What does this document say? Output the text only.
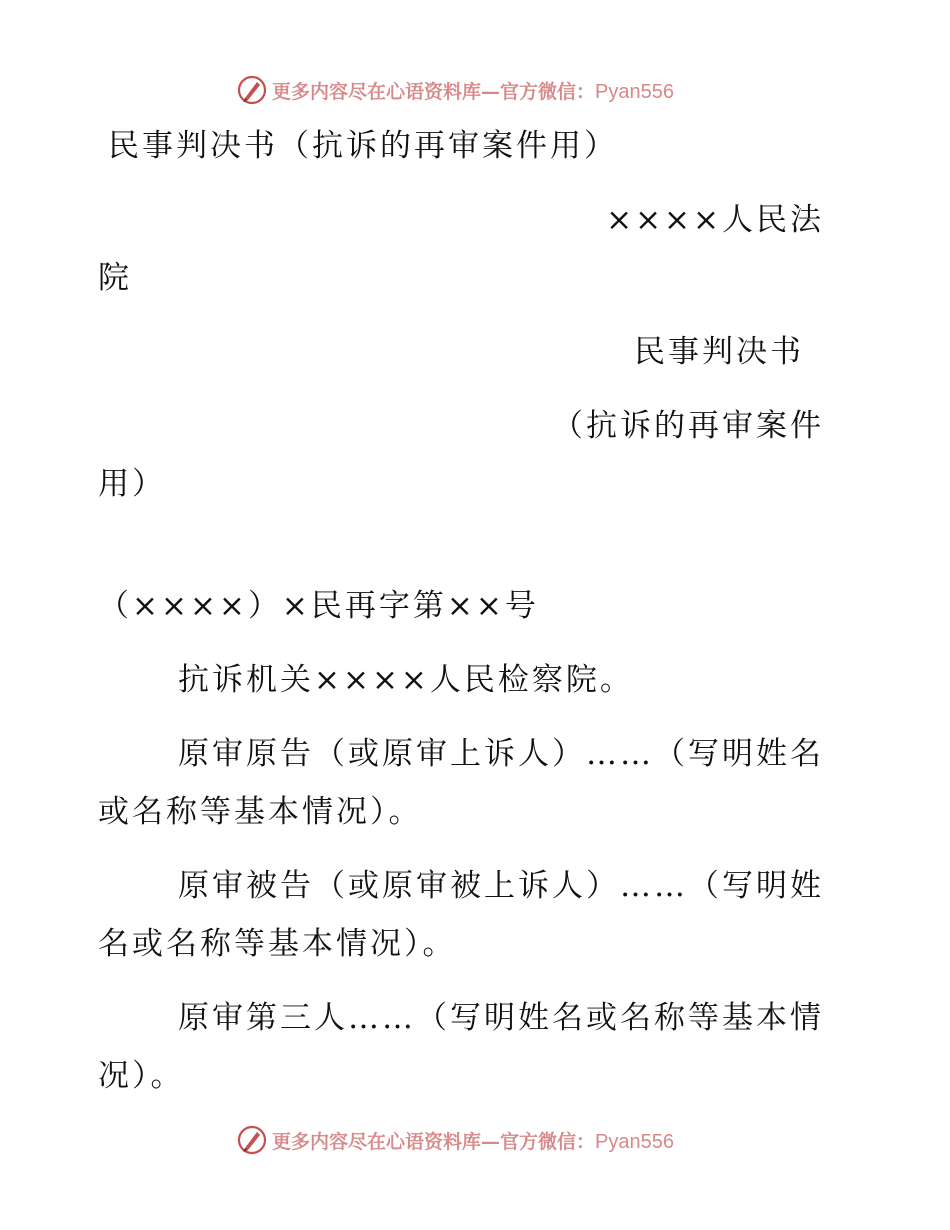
更多内容尽在心语资料库—官方微信：Pyan556
民事判决书（抗诉的再审案件用）
××××人民法
院
民事判决书
（抗诉的再审案件
用）
（××××）×民再字第××号
抗诉机关××××人民检察院。
原审原告（或原审上诉人）……（写明姓名
或名称等基本情况）。
原审被告（或原审被上诉人）……（写明姓
名或名称等基本情况）。
原审第三人……（写明姓名或名称等基本情
况）。
更多内容尽在心语资料库—官方微信：Pyan556
